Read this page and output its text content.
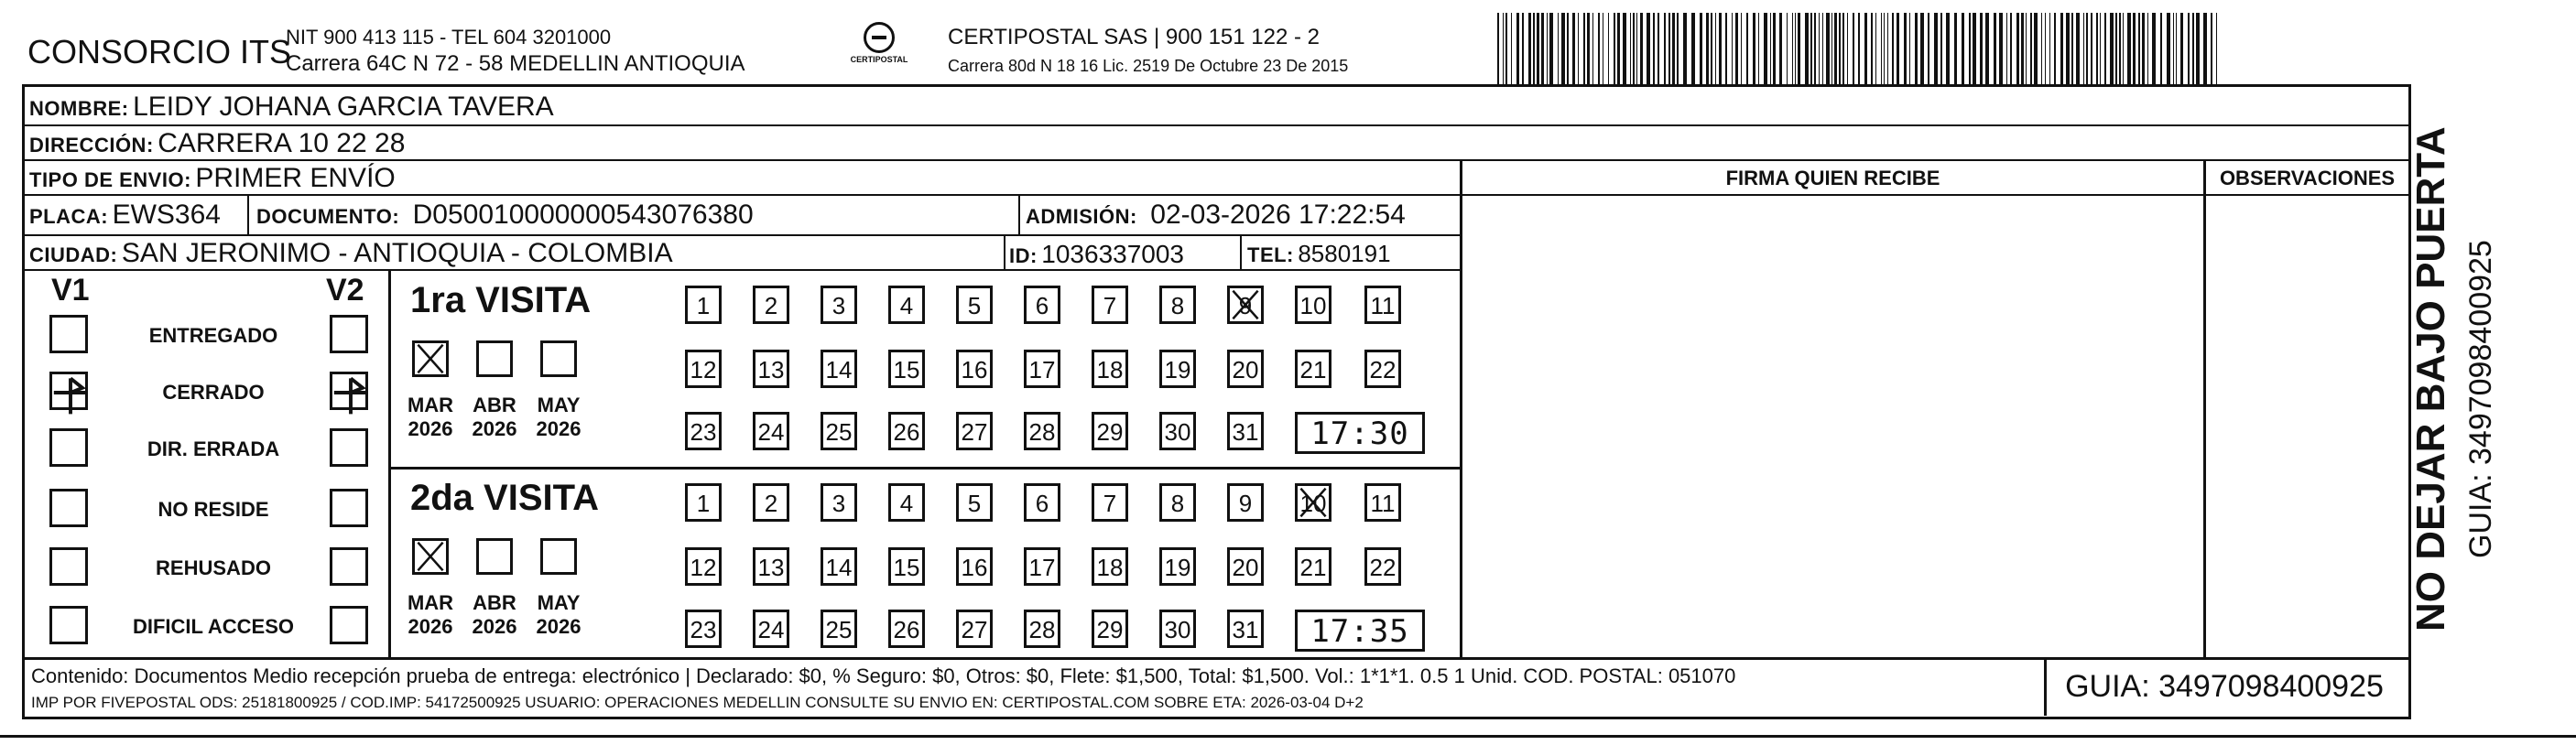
CONSORCIO ITS
NIT 900 413 115 - TEL 604 3201000
Carrera 64C N 72 - 58 MEDELLIN ANTIOQUIA	CERTIPOSTAL
CERTIPOSTAL SAS | 900 151 122 - 2
Carrera 80d N 18 16 Lic. 2519 De Octubre 23 De 2015
NOMBRE: LEIDY JOHANA GARCIA TAVERA
DIRECCIÓN: CARRERA 10 22 28
TIPO DE ENVIO: PRIMER ENVÍO
PLACA: EWS364 DOCUMENTO: D050010000000543076380	ADMISIÓN: 02-03-2026 17:22:54
CIUDAD: SAN JERONIMO - ANTIOQUIA - COLOMBIA	ID: 1036337003	TEL: 8580191
FIRMA QUIEN RECIBE	OBSERVACIONES
V1	V2
ENTREGADO
CERRADO
DIR. ERRADA
NO RESIDE
REHUSADO
DIFICIL ACCESO
1ra VISITA
MAR
2026
ABR
2026
MAY
2026
1	2	3	4	5	6	7	8	9	10 11
12 13 14 15 16 17 18 19 20 21 22
23 24 25 26 27 28 29 30 31	17:30
2da VISITA
MAR
2026
ABR
2026
MAY
2026
1	2	3	4	5	6	7	8	9	10 11
12 13 14 15 16 17 18 19 20 21 22
23 24 25 26 27 28 29 30 31	17:35
Contenido: Documentos Medio recepción prueba de entrega: electrónico | Declarado: $0, % Seguro: $0, Otros: $0, Flete: $1,500, Total: $1,500. Vol.: 1*1*1. 0.5 1 Unid. COD. POSTAL: 051070
IMP POR FIVEPOSTAL ODS: 25181800925 / COD.IMP: 54172500925 USUARIO: OPERACIONES MEDELLIN CONSULTE SU ENVIO EN: CERTIPOSTAL.COM SOBRE ETA: 2026-03-04 D+2	GUIA: 3497098400925
NO DEJAR BAJO PUERTA GUIA: 3497098400925
